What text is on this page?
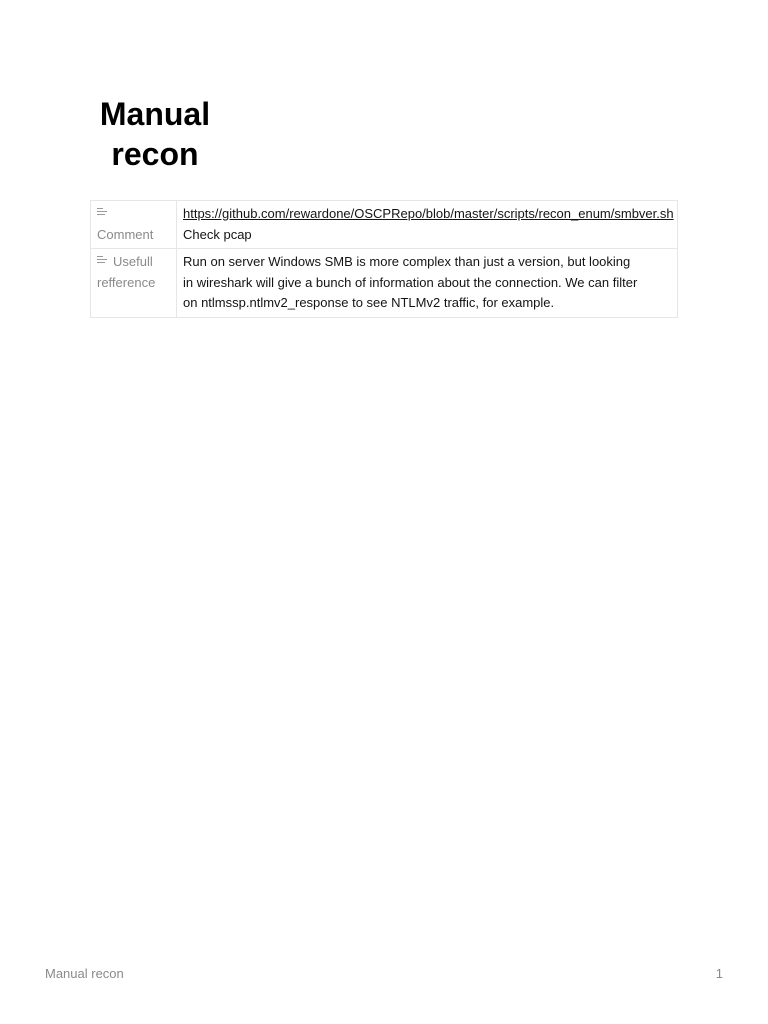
Manual
recon

Comment	https://github.com/rewardone/OSCPRepo/blob/master/scripts/recon_enum/smbver.sh
Check pcap

Usefull
refference	Run on server Windows SMB is more complex than just a version, but looking
in wireshark will give a bunch of information about the connection. We can filter
on ntlmssp.ntlmv2_response to see NTLMv2 traffic, for example.
Manual recon	1
